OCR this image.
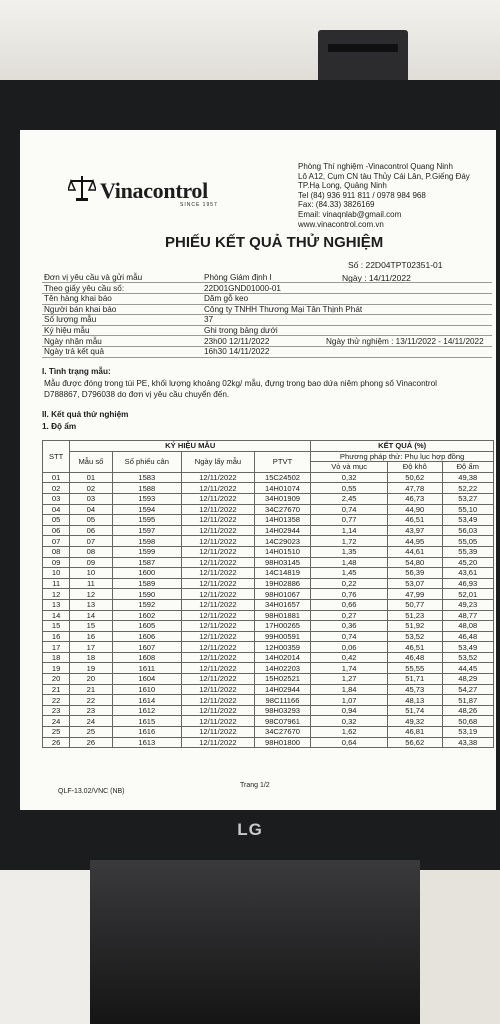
LG
Vinacontrol
SINCE 1957
Phòng Thí nghiệm -Vinacontrol Quang Ninh
Lô A12, Cụm CN tàu Thủy Cái Lân, P.Giếng Đáy
TP.Hạ Long, Quảng Ninh
Tel (84) 936 911 811 / 0978 984 968
Fax: (84.33) 3826169
Email: vinaqnlab@gmail.com
www.vinacontrol.com.vn
PHIẾU KẾT QUẢ THỬ NGHIỆM
Số : 22D04TPT02351-01
Ngày : 14/11/2022
Đơn vị yêu cầu và gửi mẫu	Phòng Giám định I
Theo giấy yêu cầu số:	22D01GND01000-01
Tên hàng khai báo	Dăm gỗ keo
Người bán khai báo	Công ty TNHH Thương Mại Tân Thịnh Phát
Số lượng mẫu	37
Ký hiệu mẫu	Ghi trong bảng dưới
Ngày nhận mẫu	23h00 12/11/2022	Ngày thử nghiệm : 13/11/2022 - 14/11/2022
Ngày trả kết quả	16h30 14/11/2022
I. Tình trạng mẫu:
Mẫu được đóng trong túi PE, khối lượng khoảng 02kg/ mẫu, đựng trong bao dứa niêm phong số Vinacontrol
D788867, D796038 do đơn vị yêu cầu chuyển đến.
II. Kết quả thử nghiệm
1. Độ ẩm
STT	KÝ HIỆU MẪU				KẾT QUẢ (%)		
	Mẫu số	Số phiếu cân	Ngày lấy mẫu	PTVT	Phương pháp thử: Phụ lục hợp đồng		
					Vỏ và mục	Độ khô	Độ ẩm
01	01	1583	12/11/2022	15C24502	0,32	50,62	49,38
02	02	1588	12/11/2022	14H01074	0,55	47,78	52,22
03	03	1593	12/11/2022	34H01909	2,45	46,73	53,27
04	04	1594	12/11/2022	34C27670	0,74	44,90	55,10
05	05	1595	12/11/2022	14H01358	0,77	46,51	53,49
06	06	1597	12/11/2022	14H02944	1,14	43,97	56,03
07	07	1598	12/11/2022	14C29023	1,72	44,95	55,05
08	08	1599	12/11/2022	14H01510	1,35	44,61	55,39
09	09	1587	12/11/2022	98H03145	1,48	54,80	45,20
10	10	1600	12/11/2022	14C14819	1,45	56,39	43,61
11	11	1589	12/11/2022	19H02886	0,22	53,07	46,93
12	12	1590	12/11/2022	98H01067	0,76	47,99	52,01
13	13	1592	12/11/2022	34H01657	0,66	50,77	49,23
14	14	1602	12/11/2022	98H01881	0,27	51,23	48,77
15	15	1605	12/11/2022	17H00265	0,36	51,92	48,08
16	16	1606	12/11/2022	99H00591	0,74	53,52	46,48
17	17	1607	12/11/2022	12H00359	0,06	46,51	53,49
18	18	1608	12/11/2022	14H02014	0,42	46,48	53,52
19	19	1611	12/11/2022	14H02203	1,74	55,55	44,45
20	20	1604	12/11/2022	15H02521	1,27	51,71	48,29
21	21	1610	12/11/2022	14H02944	1,84	45,73	54,27
22	22	1614	12/11/2022	98C11166	1,07	48,13	51,87
23	23	1612	12/11/2022	98H03293	0,94	51,74	48,26
24	24	1615	12/11/2022	98C07961	0,32	49,32	50,68
25	25	1616	12/11/2022	34C27670	1,62	46,81	53,19
26	26	1613	12/11/2022	98H01800	0,64	56,62	43,38
Trang 1/2
QLF-13.02/VNC (NB)
